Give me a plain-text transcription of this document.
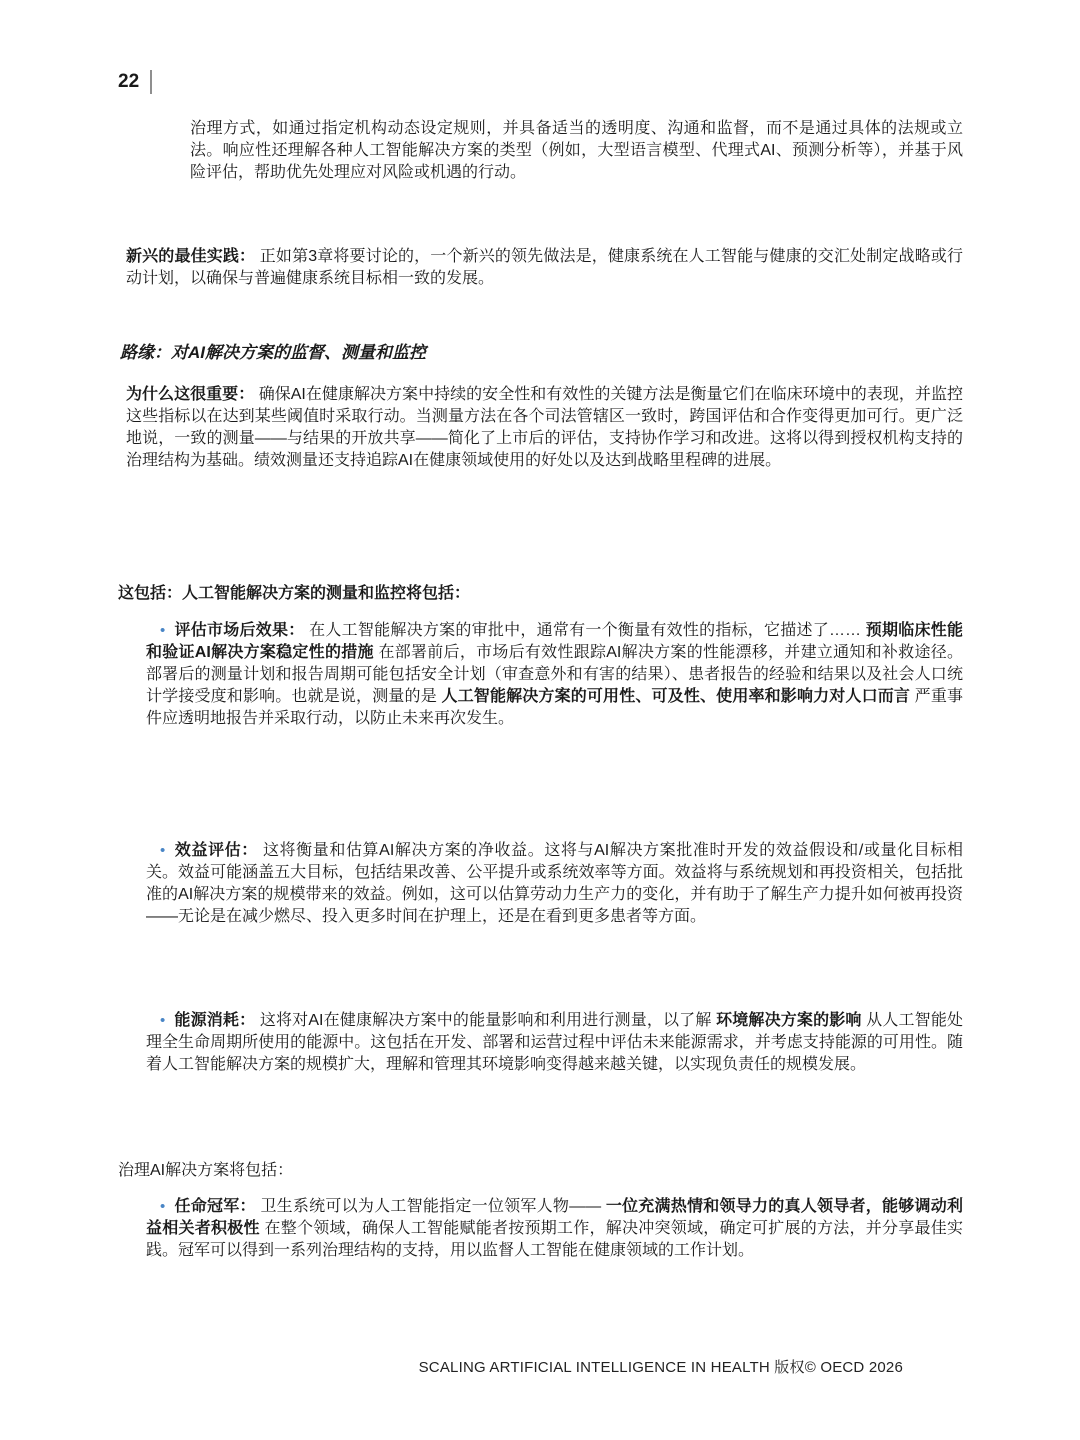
22

治理方式，如通过指定机构动态设定规则，并具备适当的透明度、沟通和监督，而不是通过具体的法规或立法。响应性还理解各种人工智能解决方案的类型（例如，大型语言模型、代理式AI、预测分析等），并基于风险评估，帮助优先处理应对风险或机遇的行动。

新兴的最佳实践： 正如第3章将要讨论的，一个新兴的领先做法是，健康系统在人工智能与健康的交汇处制定战略或行动计划，以确保与普遍健康系统目标相一致的发展。

路缘：对AI解决方案的监督、测量和监控

为什么这很重要： 确保AI在健康解决方案中持续的安全性和有效性的关键方法是衡量它们在临床环境中的表现，并监控这些指标以在达到某些阈值时采取行动。当测量方法在各个司法管辖区一致时，跨国评估和合作变得更加可行。更广泛地说，一致的测量——与结果的开放共享——简化了上市后的评估，支持协作学习和改进。这将以得到授权机构支持的治理结构为基础。绩效测量还支持追踪AI在健康领域使用的好处以及达到战略里程碑的进展。

这包括：人工智能解决方案的测量和监控将包括：

• 评估市场后效果： 在人工智能解决方案的审批中，通常有一个衡量有效性的指标，它描述了…… 预期临床性能和验证AI解决方案稳定性的措施 在部署前后，市场后有效性跟踪AI解决方案的性能漂移，并建立通知和补救途径。部署后的测量计划和报告周期可能包括安全计划（审查意外和有害的结果）、患者报告的经验和结果以及社会人口统计学接受度和影响。也就是说，测量的是 人工智能解决方案的可用性、可及性、使用率和影响力对人口而言 严重事件应透明地报告并采取行动，以防止未来再次发生。

• 效益评估： 这将衡量和估算AI解决方案的净收益。这将与AI解决方案批准时开发的效益假设和/或量化目标相关。效益可能涵盖五大目标，包括结果改善、公平提升或系统效率等方面。效益将与系统规划和再投资相关，包括批准的AI解决方案的规模带来的效益。例如，这可以估算劳动力生产力的变化，并有助于了解生产力提升如何被再投资——无论是在减少燃尽、投入更多时间在护理上，还是在看到更多患者等方面。

• 能源消耗： 这将对AI在健康解决方案中的能量影响和利用进行测量，以了解 环境解决方案的影响 从人工智能处理全生命周期所使用的能源中。这包括在开发、部署和运营过程中评估未来能源需求，并考虑支持能源的可用性。随着人工智能解决方案的规模扩大，理解和管理其环境影响变得越来越关键，以实现负责任的规模发展。

治理AI解决方案将包括：

• 任命冠军： 卫生系统可以为人工智能指定一位领军人物—— 一位充满热情和领导力的真人领导者，能够调动利益相关者积极性 在整个领域，确保人工智能赋能者按预期工作，解决冲突领域，确定可扩展的方法，并分享最佳实践。冠军可以得到一系列治理结构的支持，用以监督人工智能在健康领域的工作计划。

SCALING ARTIFICIAL INTELLIGENCE IN HEALTH 版权© OECD 2026
